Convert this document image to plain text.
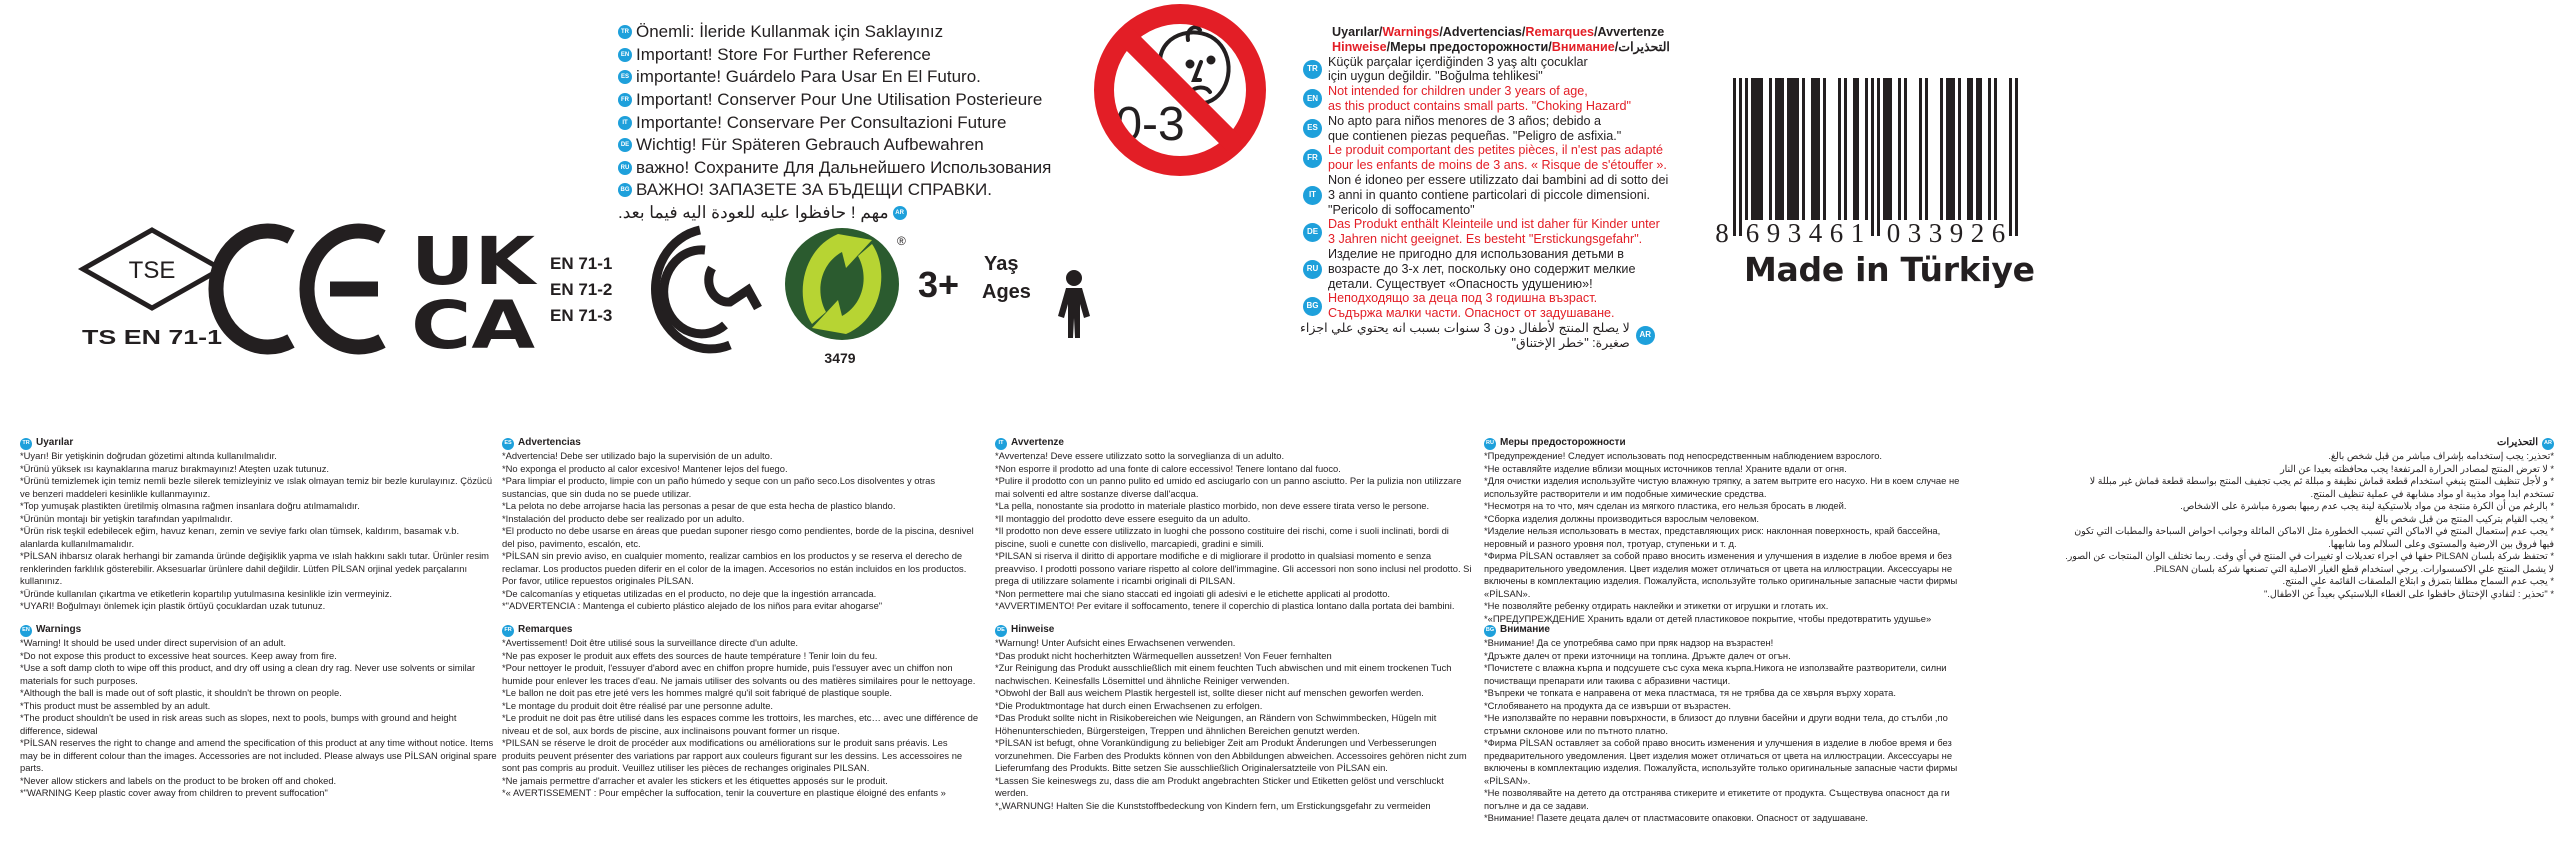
TR Önemli: İleride Kullanmak için Saklayınız
EN Important! Store For Further Reference
ES importante! Guárdelo Para Usar En El Futuro.
FR Important! Conserver Pour Une Utilisation Posterieure
IT Importante! Conservare Per Consultazioni Future
DE Wichtig! Für Späteren Gebrauch Aufbewahren
RU важно! Сохраните Для Дальнейшего Использования
BG ВАЖНО! ЗАПАЗЕТЕ ЗА БЪДЕЩИ СПРАВКИ.
AR
مهم ! حافظوا عليه للعودة اليه فيما بعد.
TSE
TS EN 71-1
UK
CA
EN 71-1
EN 71-2
EN 71-3
®
3479
3+ Yaş
Ages
0-3
Uyarılar/Warnings/Advertencias/Remarques/Avvertenze
Hinweise/Меры предосторожности/Внимание/التحذيرات
TR Küçük parçalar içerdiğinden 3 yaş altı çocuklar
için uygun değildir. "Boğulma tehlikesi"
EN Not intended for children under 3 years of age,
as this product contains small parts. "Choking Hazard"
ES No apto para niños menores de 3 años; debido a
que contienen piezas pequeñas. "Peligro de asfixia."
FR Le produit comportant des petites pièces, il n'est pas adapté
pour les enfants de moins de 3 ans. « Risque de s'étouffer ».
IT
Non é idoneo per essere utilizzato dai bambini ad di sotto dei
3 anni in quanto contiene particolari di piccole dimensioni.
"Pericolo di soffocamento"
DE Das Produkt enthält Kleinteile und ist daher für Kinder unter
3 Jahren nicht geeignet. Es besteht "Erstickungsgefahr".
RU
Изделие не пригодно для использования детьми в
возрасте до 3-х лет, поскольку оно содержит мелкие
детали. Существует «Опасность удушению»!
BG Неподходящо за деца под 3 годишна възраст.
Съдържа малки части. Опасност от задушаване.
AR
لا يصلح المنتج لأطفال دون 3 سنوات بسبب انه يحتوي علي اجزاء
صغيرة: "خطر الإختناق"
8 6 9 3 4 6 1 0 3 3 9 2 6
Made in Türkiye
TR Uyarılar

*Uyarı! Bir yetişkinin doğrudan gözetimi altında kullanılmalıdır.

*Ürünü yüksek ısı kaynaklarına maruz bırakmayınız! Ateşten uzak tutunuz.

*Ürünü temizlemek için temiz nemli bezle silerek temizleyiniz ve ıslak olmayan temiz bir bezle kurulayınız. Çözücü ve benzeri maddeleri kesinlikle kullanmayınız.

*Top yumuşak plastikten üretilmiş olmasına rağmen insanlara doğru atılmamalıdır.

*Ürünün montajı bir yetişkin tarafından yapılmalıdır.

*Ürün risk teşkil edebilecek eğim, havuz kenarı, zemin ve seviye farkı olan tümsek, kaldırım, basamak v.b. alanlarda kullanılmamalıdır.

*PİLSAN ihbarsız olarak herhangi bir zamanda üründe değişiklik yapma ve ıslah hakkını saklı tutar. Ürünler resim renklerinden farklılık gösterebilir. Aksesuarlar ürünlere dahil değildir. Lütfen PİLSAN orjinal yedek parçalarını kullanınız.

*Üründe kullanılan çıkartma ve etiketlerin kopartılıp yutulmasına kesinlikle izin vermeyiniz.

*UYARI! Boğulmayı önlemek için plastik örtüyü çocuklardan uzak tutunuz.

EN Warnings

*Warning! It should be used under direct supervision of an adult.

*Do not expose this product to excessive heat sources. Keep away from fire.

*Use a soft damp cloth to wipe off this product, and dry off using a clean dry rag. Never use solvents or similar materials for such purposes.

*Although the ball is made out of soft plastic, it shouldn't be thrown on people.

*This product must be assembled by an adult.

*The product shouldn't be used in risk areas such as slopes, next to pools, bumps with ground and height difference, sidewal

*PİLSAN reserves the right to change and amend the specification of this product at any time without notice. Items may be in different colour than the images. Accessories are not included. Please always use PİLSAN original spare parts.

*Never allow stickers and labels on the product to be broken off and choked.

*"WARNING Keep plastic cover away from children to prevent suffocation"

ES Advertencias

*Advertencia! Debe ser utilizado bajo la supervisión de un adulto.

*No exponga el producto al calor excesivo! Mantener lejos del fuego.

*Para limpiar el producto, limpie con un paño húmedo y seque con un paño seco.Los disolventes y otras sustancias, que sin duda no se puede utilizar.

*La pelota no debe arrojarse hacia las personas a pesar de que esta hecha de plastico blando.

*Instalación del producto debe ser realizado por un adulto.

*El producto no debe usarse en áreas que puedan suponer riesgo como pendientes, borde de la piscina, desnivel del piso, pavimento, escalón, etc.

*PİLSAN sin previo aviso, en cualquier momento, realizar cambios en los productos y se reserva el derecho de reclamar. Los productos pueden diferir en el color de la imagen. Accesorios no están incluidos en los productos. Por favor, utilice repuestos originales PİLSAN.

*De calcomanías y etiquetas utilizadas en el producto, no deje que la ingestión arrancada.

*"ADVERTENCIA : Mantenga el cubierto plástico alejado de los niños para evitar ahogarse"

FR Remarques

*Avertissement! Doit être utilisé sous la surveillance directe d'un adulte.

*Ne pas exposer le produit aux effets des sources de haute température ! Tenir loin du feu.

*Pour nettoyer le produit, l'essuyer d'abord avec en chiffon propre humide, puis l'essuyer avec un chiffon non humide pour enlever les traces d'eau. Ne jamais utiliser des solvants ou des matières similaires pour le nettoyage.

*Le ballon ne doit pas etre jeté vers les hommes malgré qu'il soit fabriqué de plastique souple.

*Le montage du produit doit être réalisé par une personne adulte.

*Le produit ne doit pas être utilisé dans les espaces comme les trottoirs, les marches, etc… avec une différence de niveau et de sol, aux bords de piscine, aux inclinaisons pouvant former un risque.

*PILSAN se réserve le droit de procéder aux modifications ou améliorations sur le produit sans préavis. Les produits peuvent présenter des variations par rapport aux couleurs figurant sur les dessins. Les accessoires ne sont pas compris au produit. Veuillez utiliser les pièces de rechanges originales PILSAN.

*Ne jamais permettre d'arracher et avaler les stickers et les étiquettes apposés sur le produit.

*« AVERTISSEMENT : Pour empêcher la suffocation, tenir la couverture en plastique éloigné des enfants »

IT Avvertenze

*Avvertenza! Deve essere utilizzato sotto la sorveglianza di un adulto.

*Non esporre il prodotto ad una fonte di calore eccessivo! Tenere lontano dal fuoco.

*Pulire il prodotto con un panno pulito ed umido ed asciugarlo con un panno asciutto. Per la pulizia non utilizzare mai solventi ed altre sostanze diverse dall'acqua.

*La pella, nonostante sia prodotto in materiale plastico morbido, non deve essere tirata verso le persone.

*Il montaggio del prodotto deve essere eseguito da un adulto.

*Il prodotto non deve essere utilizzato in luoghi che possono costituire dei rischi, come i suoli inclinati, bordi di piscine, suoli e cunette con dislivello, marcapiedi, gradini e simili.

*PILSAN si riserva il diritto di apportare modifiche e di migliorare il prodotto in qualsiasi momento e senza preavviso. I prodotti possono variare rispetto al colore dell'immagine. Gli accessori non sono inclusi nel prodotto. Si prega di utilizzare solamente i ricambi originali di PILSAN.

*Non permettere mai che siano staccati ed ingoiati gli adesivi e le etichette applicati al prodotto.

*AVVERTIMENTO! Per evitare il soffocamento, tenere il coperchio di plastica lontano dalla portata dei bambini.

DE Hinweise

*Warnung! Unter Aufsicht eines Erwachsenen verwenden.

*Das produkt nicht hocherhitzten Wärmequellen aussetzen! Von Feuer fernhalten

*Zur Reinigung das Produkt ausschließlich mit einem feuchten Tuch abwischen und mit einem trockenen Tuch nachwischen. Keinesfalls Lösemittel und ähnliche Reiniger verwenden.

*Obwohl der Ball aus weichem Plastik hergestell ist, sollte dieser nicht auf menschen geworfen werden.

*Die Produktmontage hat durch einen Erwachsenen zu erfolgen.

*Das Produkt sollte nicht in Risikobereichen wie Neigungen, an Rändern von Schwimmbecken, Hügeln mit Höhenunterschieden, Bürgersteigen, Treppen und ähnlichen Bereichen genutzt werden.

*PİLSAN ist befugt, ohne Vorankündigung zu beliebiger Zeit am Produkt Änderungen und Verbesserungen vorzunehmen. Die Farben des Produkts können von den Abbildungen abweichen. Accessoires gehören nicht zum Lieferumfang des Produkts. Bitte setzen Sie ausschließlich Originalersatzteile von PİLSAN ein.

*Lassen Sie keineswegs zu, dass die am Produkt angebrachten Sticker und Etiketten gelöst und verschluckt werden.

*„WARNUNG! Halten Sie die Kunststoffbedeckung von Kindern fern, um Erstickungsgefahr zu vermeiden

RU Меры предосторожности

*Предупреждение! Следует использовать под непосредственным наблюдением взрослого.

*Не оставляйте изделие вблизи мощных источников тепла! Храните вдали от огня.

*Для очистки изделия используйте чистую влажную тряпку, а затем вытрите его насухо. Ни в коем случае не используйте растворители и им подобные химические средства.

*Несмотря на то что, мяч сделан из мягкого пластика, его нельзя бросать в людей.

*Сборка изделия должны производиться взрослым человеком.

*Изделие нельзя использовать в местах, представляющих риск: наклонная поверхность, край бассейна, неровный и разного уровня пол, тротуар, ступеньки и т. д.

*Фирма PİLSAN оставляет за собой право вносить изменения и улучшения в изделие в любое время и без предварительного уведомления. Цвет изделия может отличаться от цвета на иллюстрации. Аксессуары не включены в комплектацию изделия. Пожалуйста, используйте только оригинальные запасные части фирмы «PİLSAN».

*Не позволяйте ребенку отдирать наклейки и этикетки от игрушки и глотать их.

*«ПРЕДУПРЕЖДЕНИЕ Хранить вдали от детей пластиковое покрытие, чтобы предотвратить удушье»

BG Внимание

*Внимание! Да се употребява само при пряк надзор на възрастен!

*Дръжте далеч от преки източници на топлина. Дръжте далеч от огън.

*Почистете с влажна кърпа и подсушете със суха мека кърпа.Никога не използвайте разтворители, силни почистващи препарати или такива с абразивни частици.

*Въпреки че топката е направена от мека пластмаса, тя не трябва да се хвърля върху хората.

*Сглобяването на продукта да се извърши от възрастен.

*Не използвайте по неравни повърхности, в близост до плувни басейни и други водни тела, до стълби ,по стръмни склонове или по пътното платно.

*Фирма PİLSAN оставляет за собой право вносить изменения и улучшения в изделие в любое время и без предварительного уведомления. Цвет изделия может отличаться от цвета на иллюстрации. Аксессуары не включены в комплектацию изделия. Пожалуйста, используйте только оригинальные запасные части фирмы «PİLSAN».

*Не позволявайте на детето да отстранява стикерите и етикетите от продукта. Съществува опасност да ги погълне и да се задави.

*Внимание! Пазете децата далеч от пластмасовите опаковки. Опасност от задушаване.

AR
التحذيرات

*تحذير: يجب إستخدامه بإشراف مباشر من قبل شخص بالغ.

* لا تعرض المنتج لمصادر الحرارة المرتفعة! يجب محافظته بعيدا عن النار

* و لأجل تنظيف المنتج ينبغي استخدام قطعة قماش نظيفة و مبللة ثم يجب تجفيف المنتج بواسطة قطعة قماش غير مبللة لا تستخدم ابدا مواد مذيبة او مواد مشابهة في عملية تنظيف المنتج.

* بالرغم من أن الكرة منتجة من مواد بلاستيكية لينة يجب عدم رميها بصورة مباشرة على الاشخاص.

* يجب القيام بتركيب المنتج من قبل شخص بالغ

* يجب عدم إستعمال المنتج في الاماكن التي تسبب الخطورة مثل الاماكن المائلة وجوانب احواض السباحة والمطبات التي تكون فيها فروق بين الارضية والمستوى وعلى السلالم وما شابهها.

* تحتفظ شركة بلسان PiLSAN حقها في اجراء تعديلات او تغييرات في المنتج في أي وقت. ربما تختلف الوان المنتجات عن الصور. لا يشمل المنتج علي الاكسسوارات. يرجي استخدام قطع الغيار الاصلية التي تصنعها شركة بلسان PiLSAN.

* يجب عدم السماح مطلقا بتمزق و ابتلاع الملصقات القائمة علي المنتج.

* "تحذير : لتفادي الإختناق حافظوا على الغطاء البلاستيكي بعيداً عن الاطفال."
